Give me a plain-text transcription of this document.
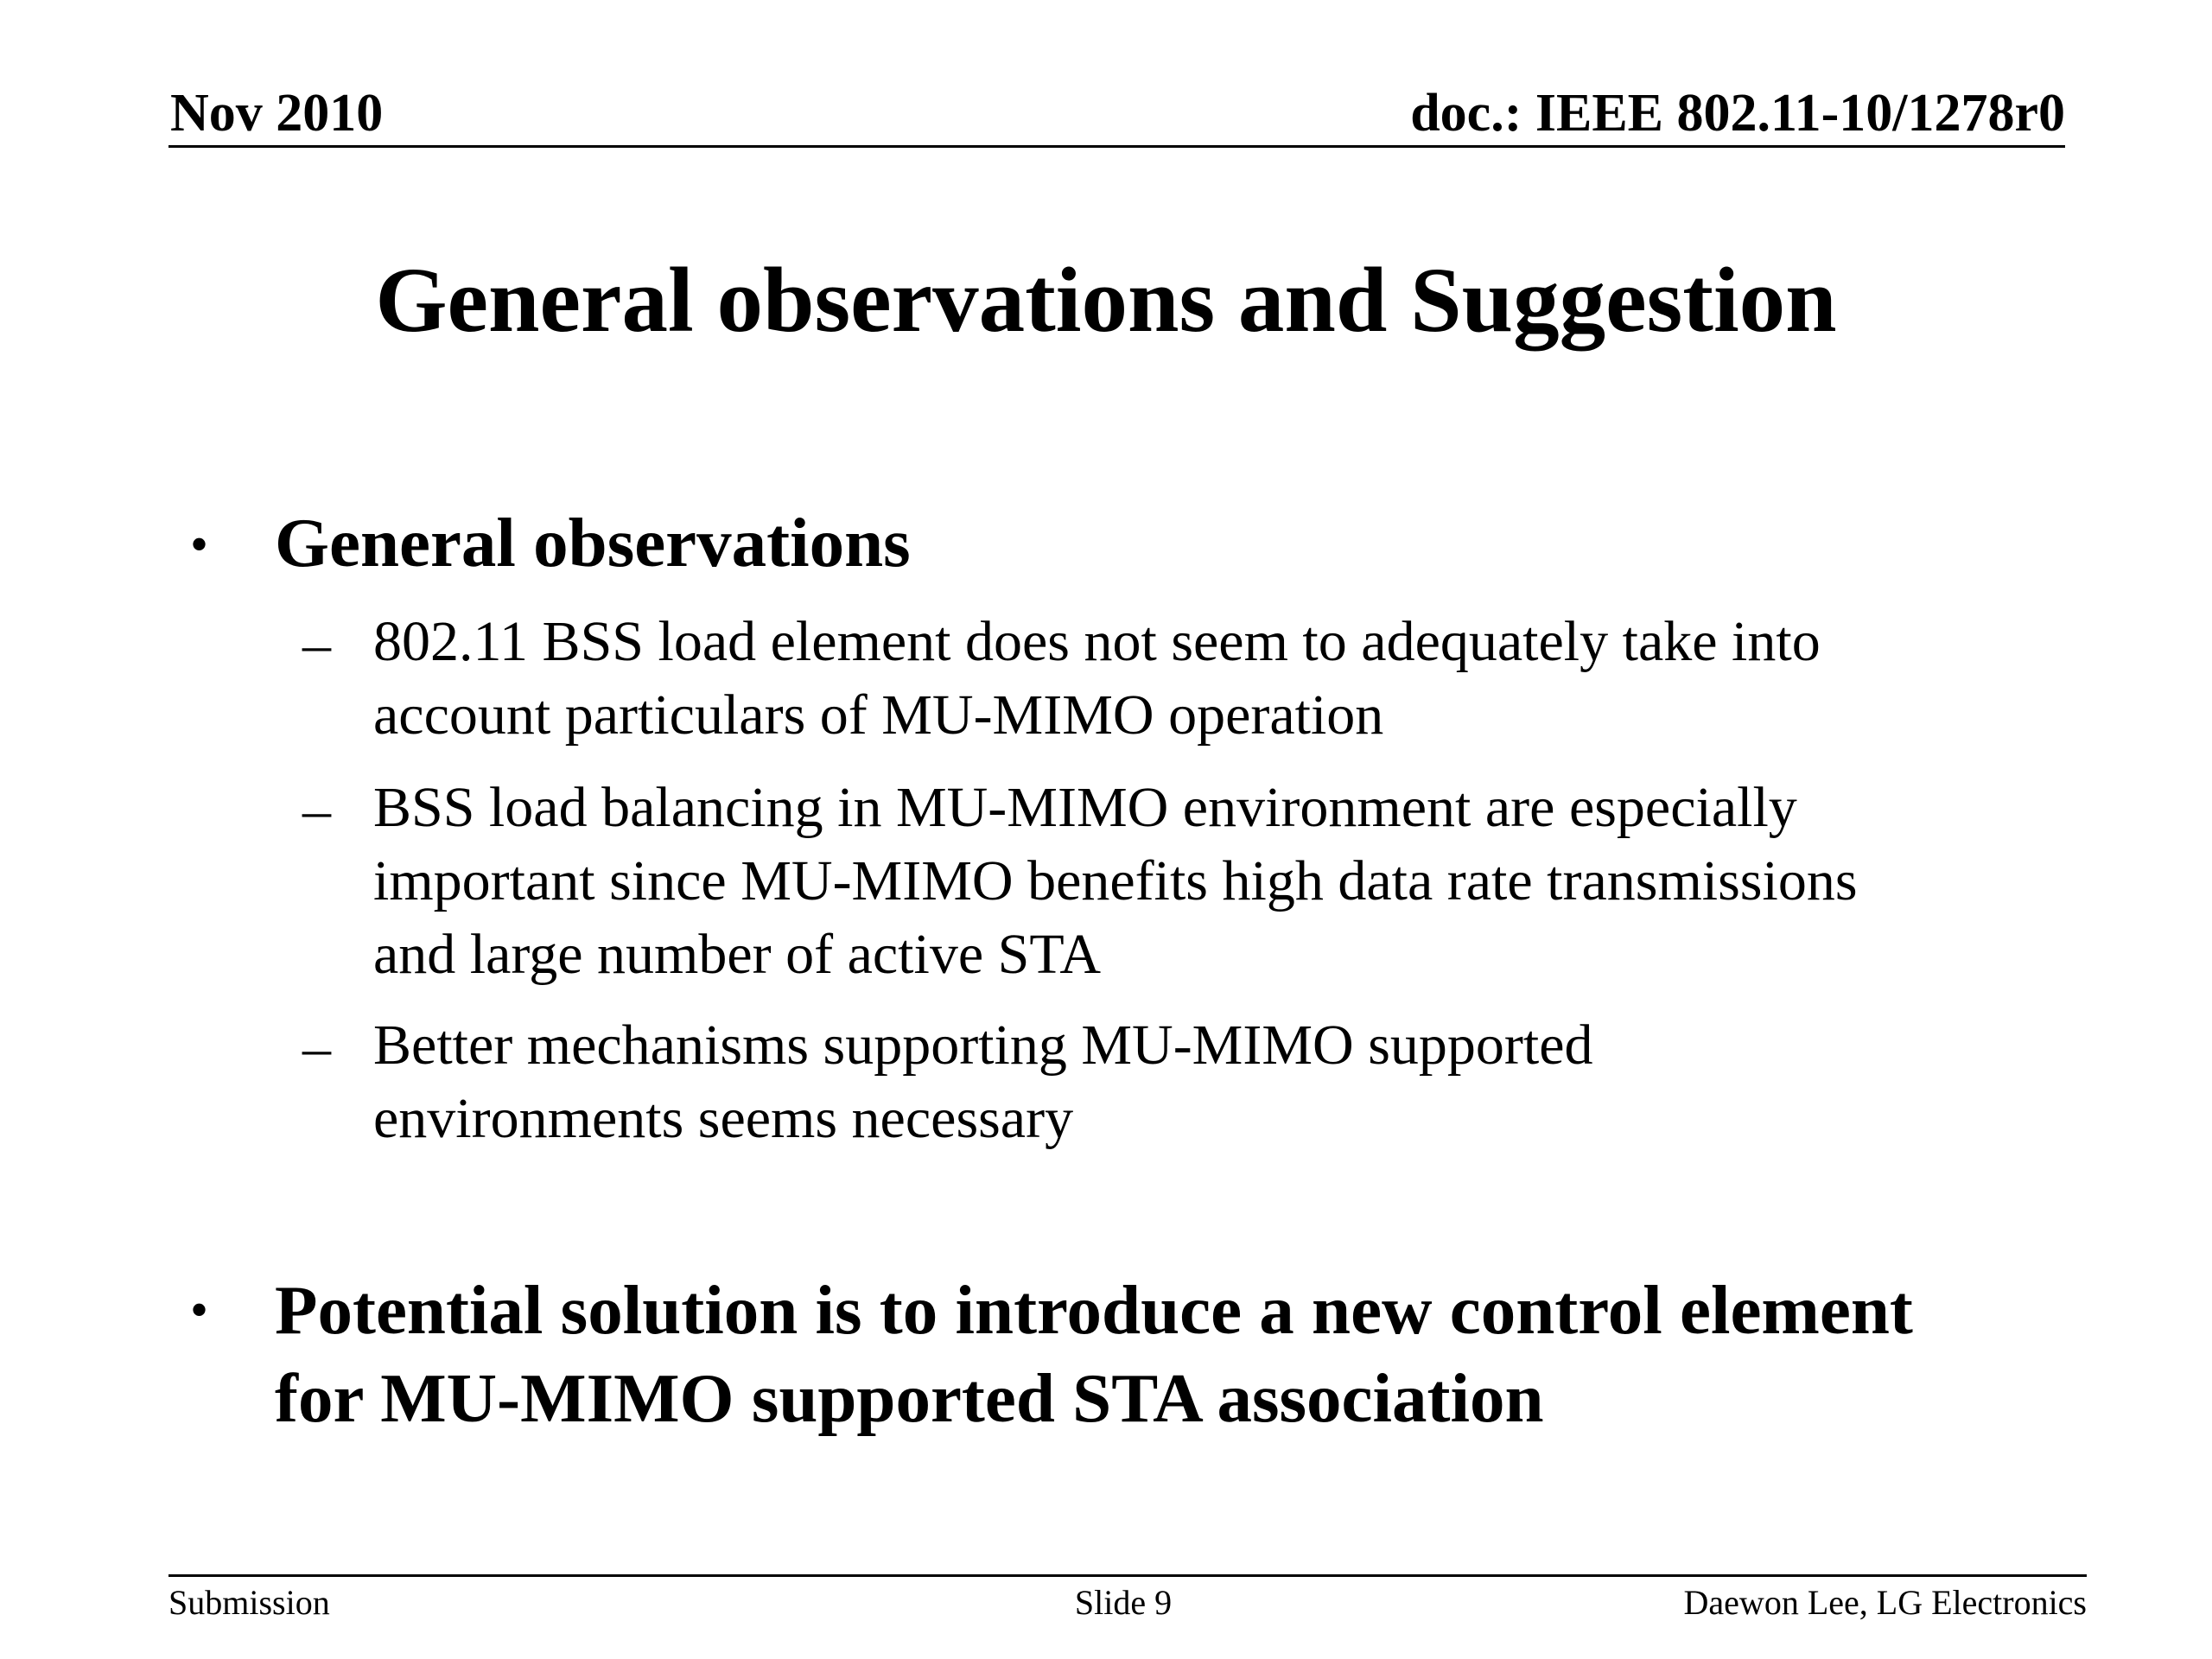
Nov 2010	doc.: IEEE 802.11-10/1278r0
General observations and Suggestion
• General observations
– 802.11 BSS load element does not seem to adequately take into

account particulars of MU-MIMO operation

– BSS load balancing in MU-MIMO environment are especially

important since MU-MIMO benefits high data rate transmissions

and large number of active STA

– Better mechanisms supporting MU-MIMO supported

environments seems necessary

• Potential solution is to introduce a new control element

for MU-MIMO supported STA association

Submission	Slide 9	Daewon Lee, LG Electronics
